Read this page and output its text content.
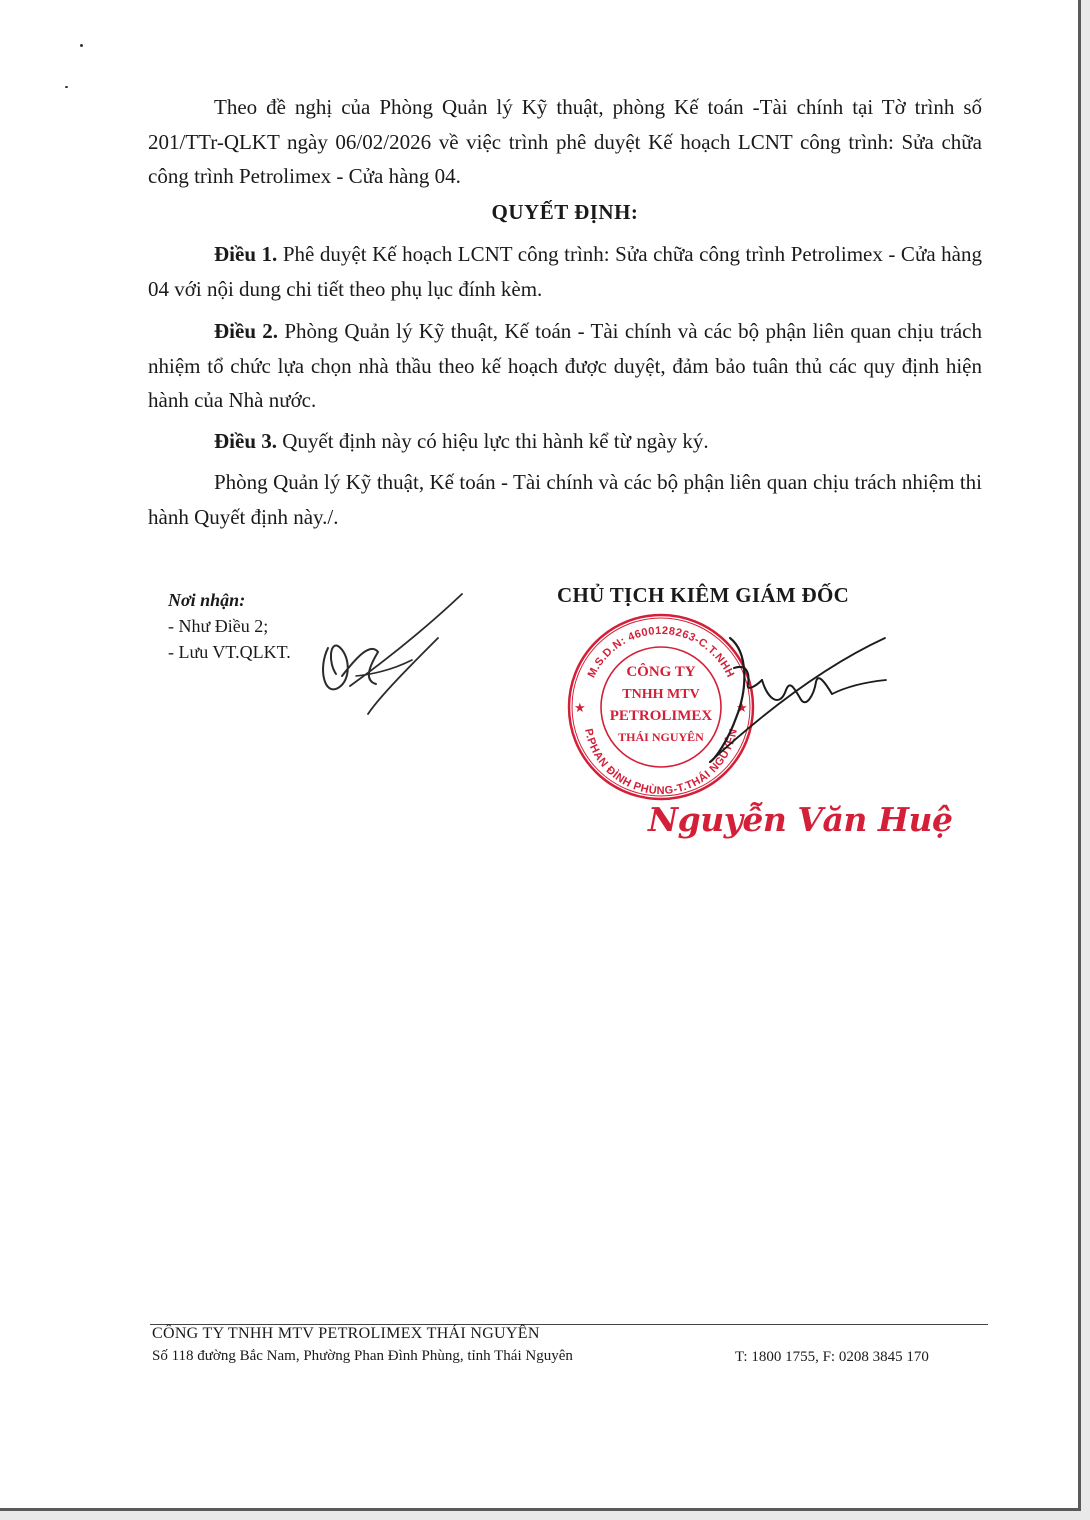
Theo đề nghị của Phòng Quản lý Kỹ thuật, phòng Kế toán -Tài chính tại Tờ trình số 201/TTr-QLKT ngày 06/02/2026 về việc trình phê duyệt Kế hoạch LCNT công trình: Sửa chữa công trình Petrolimex - Cửa hàng 04.

QUYẾT ĐỊNH:

Điều 1. Phê duyệt Kế hoạch LCNT công trình: Sửa chữa công trình Petrolimex - Cửa hàng 04 với nội dung chi tiết theo phụ lục đính kèm.

Điều 2. Phòng Quản lý Kỹ thuật, Kế toán - Tài chính và các bộ phận liên quan chịu trách nhiệm tổ chức lựa chọn nhà thầu theo kế hoạch được duyệt, đảm bảo tuân thủ các quy định hiện hành của Nhà nước.

Điều 3. Quyết định này có hiệu lực thi hành kể từ ngày ký.

Phòng Quản lý Kỹ thuật, Kế toán - Tài chính và các bộ phận liên quan chịu trách nhiệm thi hành Quyết định này./.

Nơi nhận:
- Như Điều 2;
- Lưu VT.QLKT.
CHỦ TỊCH KIÊM GIÁM ĐỐC
M.S.D.N: 4600128263-C.T.NHH
P.PHAN ĐÌNH PHÙNG-T.THÁI NGUYÊN
★	★
CÔNG TY
TNHH MTV
PETROLIMEX
THÁI NGUYÊN
Nguyễn Văn Huệ
CÔNG TY TNHH MTV PETROLIMEX THÁI NGUYÊN
Số 118 đường Bắc Nam, Phường Phan Đình Phùng, tỉnh Thái Nguyên	T: 1800 1755, F: 0208 3845 170
